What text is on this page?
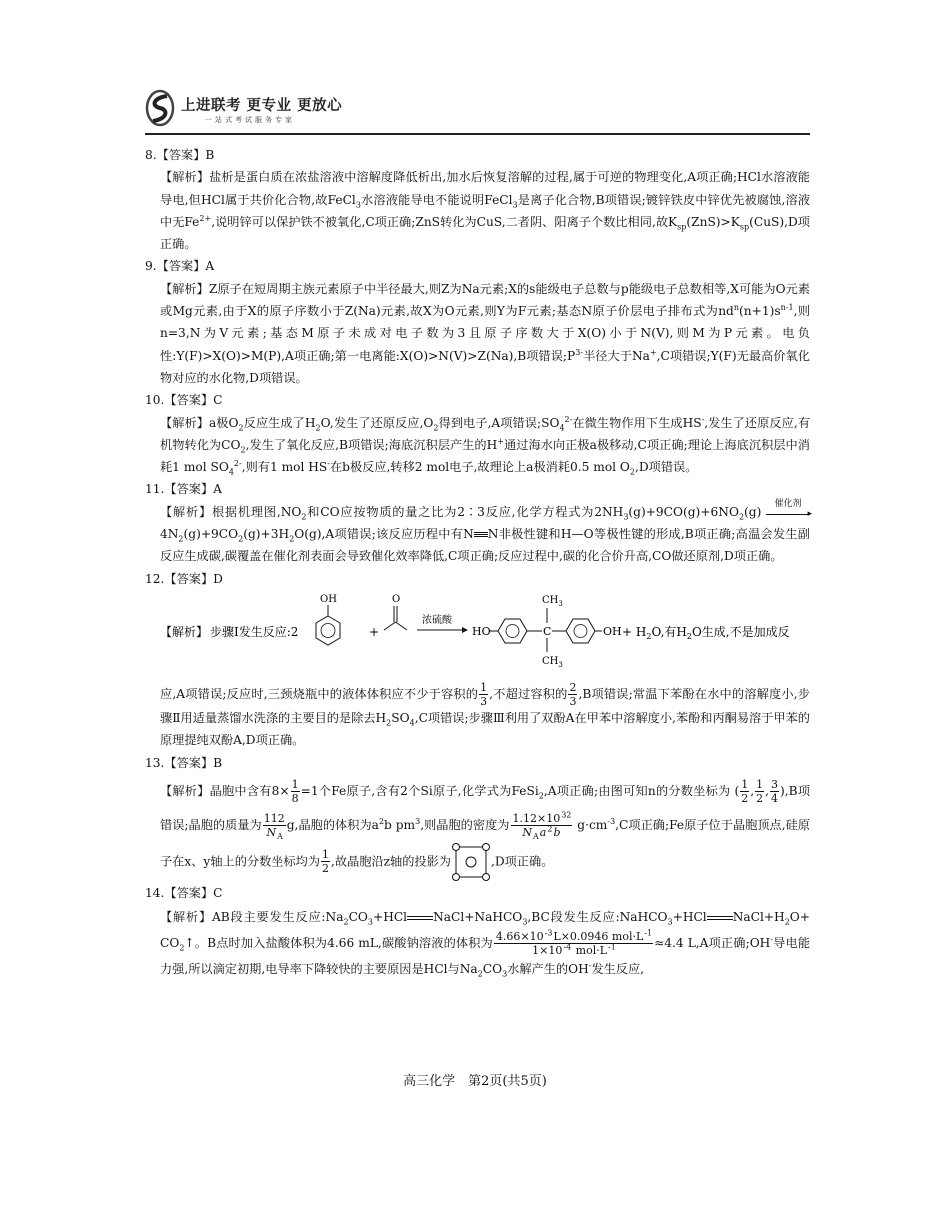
上进联考 更专业 更放心
一站式考试服务专家

8.【答案】B

【解析】盐析是蛋白质在浓盐溶液中溶解度降低析出,加水后恢复溶解的过程,属于可逆的物理变化,A项正确;HCl水溶液能导电,但HCl属于共价化合物,故FeCl$_3$水溶液能导电不能说明FeCl$_3$是离子化合物,B项错误;镀锌铁皮中锌优先被腐蚀,溶液中无$Fe^{2+}$,说明锌可以保护铁不被氧化,C项正确;ZnS转化为CuS,二者阴、阳离子个数比相同,故$K_{sp}(ZnS)>K_{sp}(CuS),D$项正确。

9.【答案】A

【解析】Z原子在短周期主族元素原子中半径最大,则Z为Na元素;X的s能级电子总数与p能级电子总数相等,X可能为O元素或Mg元素,由于X的原子序数小于Z(Na)元素,故X为O元素,则Y为F元素;基态N原子价层电子排布式为$nd^n(n+1)s^{n-1}$,则n=3,N为V元素;基态M原子未成对电子数为3且原子序数大于X(O)小于N(V),则M为P元素。电负性:Y(F)>X(O)>M(P),A项正确;第一电离能:X(O)>N(V)>Z(Na),B项错误$;P^{3-}$半径大于Na+,C项错误;Y(F)无最高价氧化物对应的水化物,D项错误。

10.【答案】C

【解析】a极$O_2$反应生成了$H_2O$,发生了还原反应$,O_2$得到电子,A项错误$;SO_4^{2-}$在微生物作用下生成HS-,发生了还原反应,有机物转化为$CO_2$,发生了氧化反应,B项错误;海底沉积层产生的H+通过海水向正极a极移动,C项正确;理论上海底沉积层中消耗1 mol $SO_4^{2-}$,则有1 mol HS-在b极反应,转移2 mol电子,故理论上a极消耗0.5 mol $O_2,D$项错误。

11.【答案】A

【解析】根据机理图$,NO_2$和CO应按物质的量之比为2∶3反应,化学方程式为$2NH_3(g)+9CO(g)+6NO_2(g)$
催化剂
▸
$4N_2(g)+9CO_2(g)+3H_2O(g),A$项错误;该反应历程中有N N非极性键和H—O等极性键的形成,B项正确;高温会发生副反应生成碳,碳覆盖在催化剂表面会导致催化效率降低,C项正确;反应过程中,碳的化合价升高,CO做还原剂,D项正确。

12.【答案】D

【解析】 步骤Ⅰ发生反应:2
OH
+
O
浓硫酸
HO	C
$CH_3$
$CH_3$
OH + $H_2O$,有$H_2O$生成,不是加成反

应,A项错误;反应时,三颈烧瓶中的液体体积应不少于容积的 $\frac{1}{3}$ ,不超过容积的 $\frac{2}{3} ,B$项错误;常温下苯酚在水中的溶解度小,步骤Ⅱ用适量蒸馏水洗涤的主要目的是除去$H_2SO_4,C$项错误;步骤Ⅲ利用了双酚A在甲苯中溶解度小,苯酚和丙酮易溶于甲苯的原理提纯双酚A,D项正确。

13.【答案】B

【解析】晶胞中含有$8\times \frac{1}{8} =1$个Fe原子,含有2个Si原子,化学式为FeSi$_2$,A项正确;由图可知n的分数坐标为 ( $\frac{1}{2}$ , $\frac{1}{2}$ , $\frac{3}{4} ),B$项错误;晶胞的质量为 $\frac{112}{N_A} g$,晶胞的体积为$a^2b$ $pm^3$,则晶胞的密度为 $\frac{1.12\times 10^{32}}{N_Aa^2b} g\cdot cm^{-3},C$项正确;Fe原子位于晶胞顶点,硅原子在x、y轴上的分数坐标均为 $\frac{1}{2}$ ,故晶胞沿z轴的投影为	,D项正确。

14.【答案】C

【解析】AB段主要发生反应$:Na_2CO_3+HCl$ NaCl+NaHCO$_3$,BC段发生反应:NaHCO$_3$+HCl $NaCl+H_2O+$ $CO_2↑$。B点时加入盐酸体积为4.66 mL,碳酸钠溶液的体积为 $\frac{4.66\times 10^{-3}L\times 0.0946 mol\cdot L^{-1}}{1\times 10^{-4} mol\cdot L^{-1}} \approx 4.4$ L,A项正确;OH-导电能力强,所以滴定初期,电导率下降较快的主要原因是HCl与$Na_2CO_3$水解产生的OH-发生反应,

高三化学　第2页(共5页)
